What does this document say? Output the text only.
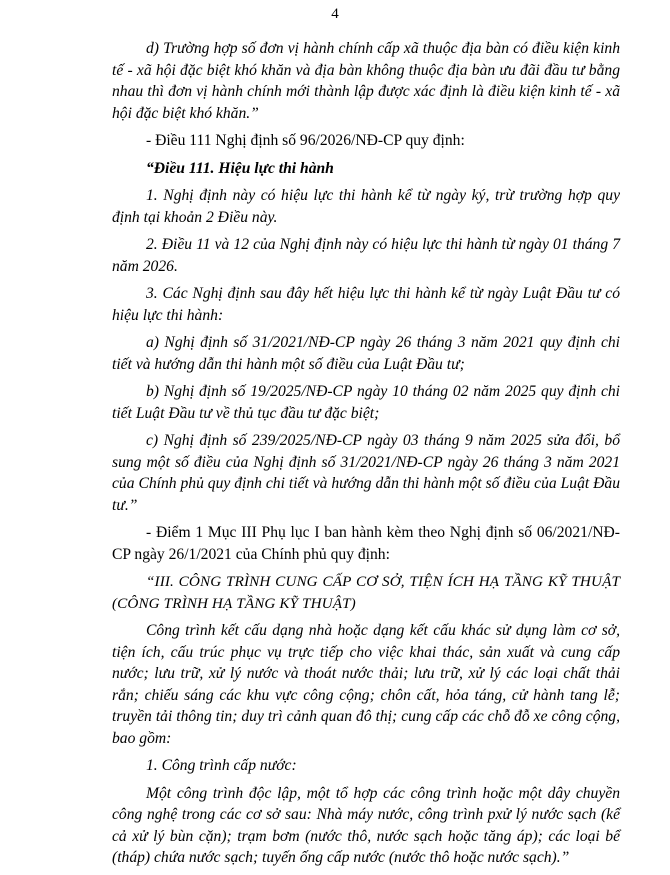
4

d) Trường hợp số đơn vị hành chính cấp xã thuộc địa bàn có điều kiện kinh tế - xã hội đặc biệt khó khăn và địa bàn không thuộc địa bàn ưu đãi đầu tư bằng nhau thì đơn vị hành chính mới thành lập được xác định là điều kiện kinh tế - xã hội đặc biệt khó khăn.”

- Điều 111 Nghị định số 96/2026/NĐ-CP quy định:

“Điều 111. Hiệu lực thi hành

1. Nghị định này có hiệu lực thi hành kể từ ngày ký, trừ trường hợp quy định tại khoản 2 Điều này.

2. Điều 11 và 12 của Nghị định này có hiệu lực thi hành từ ngày 01 tháng 7 năm 2026.

3. Các Nghị định sau đây hết hiệu lực thi hành kể từ ngày Luật Đầu tư có hiệu lực thi hành:

a) Nghị định số 31/2021/NĐ-CP ngày 26 tháng 3 năm 2021 quy định chi tiết và hướng dẫn thi hành một số điều của Luật Đầu tư;

b) Nghị định số 19/2025/NĐ-CP ngày 10 tháng 02 năm 2025 quy định chi tiết Luật Đầu tư về thủ tục đầu tư đặc biệt;

c) Nghị định số 239/2025/NĐ-CP ngày 03 tháng 9 năm 2025 sửa đổi, bổ sung một số điều của Nghị định số 31/2021/NĐ-CP ngày 26 tháng 3 năm 2021 của Chính phủ quy định chi tiết và hướng dẫn thi hành một số điều của Luật Đầu tư.”

- Điểm 1 Mục III Phụ lục I ban hành kèm theo Nghị định số 06/2021/NĐ-CP ngày 26/1/2021 của Chính phủ quy định:

“III. CÔNG TRÌNH CUNG CẤP CƠ SỞ, TIỆN ÍCH HẠ TẦNG KỸ THUẬT (CÔNG TRÌNH HẠ TẦNG KỸ THUẬT)

Công trình kết cấu dạng nhà hoặc dạng kết cấu khác sử dụng làm cơ sở, tiện ích, cấu trúc phục vụ trực tiếp cho việc khai thác, sản xuất và cung cấp nước; lưu trữ, xử lý nước và thoát nước thải; lưu trữ, xử lý các loại chất thải rắn; chiếu sáng các khu vực công cộng; chôn cất, hỏa táng, cử hành tang lễ; truyền tải thông tin; duy trì cảnh quan đô thị; cung cấp các chỗ đỗ xe công cộng, bao gồm:

1. Công trình cấp nước:

Một công trình độc lập, một tổ hợp các công trình hoặc một dây chuyền công nghệ trong các cơ sở sau: Nhà máy nước, công trình pxử lý nước sạch (kể cả xử lý bùn cặn); trạm bơm (nước thô, nước sạch hoặc tăng áp); các loại bể (tháp) chứa nước sạch; tuyến ống cấp nước (nước thô hoặc nước sạch).”
